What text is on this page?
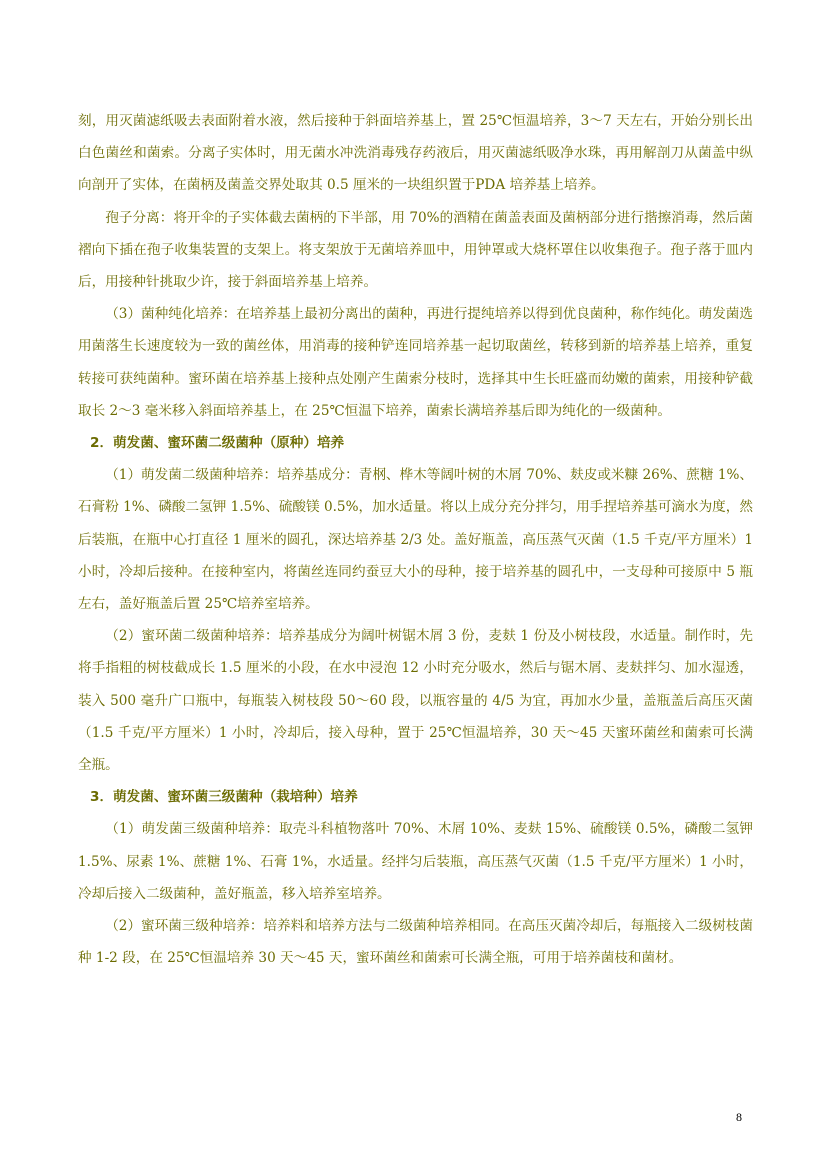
刻，用灭菌滤纸吸去表面附着水液，然后接种于斜面培养基上，置 25℃恒温培养，3～7 天左右，开始分别长出白色菌丝和菌索。分离子实体时，用无菌水冲洗消毒残存药液后，用灭菌滤纸吸净水珠，再用解剖刀从菌盖中纵向剖开了实体，在菌柄及菌盖交界处取其 0.5 厘米的一块组织置于PDA 培养基上培养。

孢子分离：将开伞的子实体截去菌柄的下半部，用 70%的酒精在菌盖表面及菌柄部分进行揩擦消毒，然后菌褶向下插在孢子收集装置的支架上。将支架放于无菌培养皿中，用钟罩或大烧杯罩住以收集孢子。孢子落于皿内后，用接种针挑取少许，接于斜面培养基上培养。

（3）菌种纯化培养：在培养基上最初分离出的菌种，再进行提纯培养以得到优良菌种，称作纯化。萌发菌选用菌落生长速度较为一致的菌丝体，用消毒的接种铲连同培养基一起切取菌丝，转移到新的培养基上培养，重复转接可获纯菌种。蜜环菌在培养基上接种点处刚产生菌索分枝时，选择其中生长旺盛而幼嫩的菌索，用接种铲截取长 2～3 毫米移入斜面培养基上，在 25℃恒温下培养，菌索长满培养基后即为纯化的一级菌种。

2．萌发菌、蜜环菌二级菌种（原种）培养

（1）萌发菌二级菌种培养：培养基成分：青㭎、桦木等阔叶树的木屑 70%、麸皮或米糠 26%、蔗糖 1%、石膏粉 1%、磷酸二氢钾 1.5%、硫酸镁 0.5%，加水适量。将以上成分充分拌匀，用手捏培养基可滴水为度，然后装瓶，在瓶中心打直径 1 厘米的圆孔，深达培养基 2/3 处。盖好瓶盖，高压蒸气灭菌（1.5 千克/平方厘米）1 小时，冷却后接种。在接种室内，将菌丝连同约蚕豆大小的母种，接于培养基的圆孔中，一支母种可接原中 5 瓶左右，盖好瓶盖后置 25℃培养室培养。

（2）蜜环菌二级菌种培养：培养基成分为阔叶树锯木屑 3 份，麦麸 1 份及小树枝段，水适量。制作时，先将手指粗的树枝截成长 1.5 厘米的小段，在水中浸泡 12 小时充分吸水，然后与锯木屑、麦麸拌匀、加水湿透，装入 500 毫升广口瓶中，每瓶装入树枝段 50～60 段，以瓶容量的 4/5 为宜，再加水少量，盖瓶盖后高压灭菌（1.5 千克/平方厘米）1 小时，冷却后，接入母种，置于 25℃恒温培养，30 天～45 天蜜环菌丝和菌索可长满全瓶。

3．萌发菌、蜜环菌三级菌种（栽培种）培养

（1）萌发菌三级菌种培养：取壳斗科植物落叶 70%、木屑 10%、麦麸 15%、硫酸镁 0.5%，磷酸二氢钾 1.5%、尿素 1%、蔗糖 1%、石膏 1%，水适量。经拌匀后装瓶，高压蒸气灭菌（1.5 千克/平方厘米）1 小时，冷却后接入二级菌种，盖好瓶盖，移入培养室培养。

（2）蜜环菌三级种培养：培养料和培养方法与二级菌种培养相同。在高压灭菌冷却后，每瓶接入二级树枝菌种 1-2 段，在 25℃恒温培养 30 天～45 天，蜜环菌丝和菌索可长满全瓶，可用于培养菌枝和菌材。

8
